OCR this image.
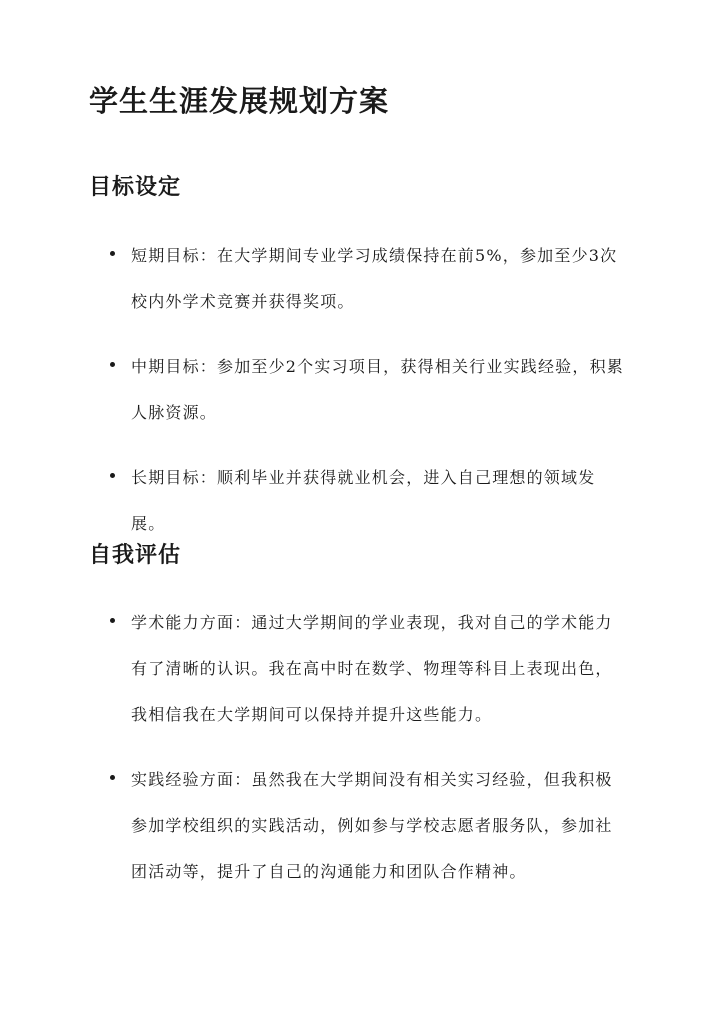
学生生涯发展规划方案
目标设定
短期目标：在大学期间专业学习成绩保持在前5%，参加至少3次校内外学术竞赛并获得奖项。
中期目标：参加至少2个实习项目，获得相关行业实践经验，积累人脉资源。
长期目标：顺利毕业并获得就业机会，进入自己理想的领域发展。
自我评估
学术能力方面：通过大学期间的学业表现，我对自己的学术能力有了清晰的认识。我在高中时在数学、物理等科目上表现出色，我相信我在大学期间可以保持并提升这些能力。
实践经验方面：虽然我在大学期间没有相关实习经验，但我积极参加学校组织的实践活动，例如参与学校志愿者服务队，参加社团活动等，提升了自己的沟通能力和团队合作精神。
